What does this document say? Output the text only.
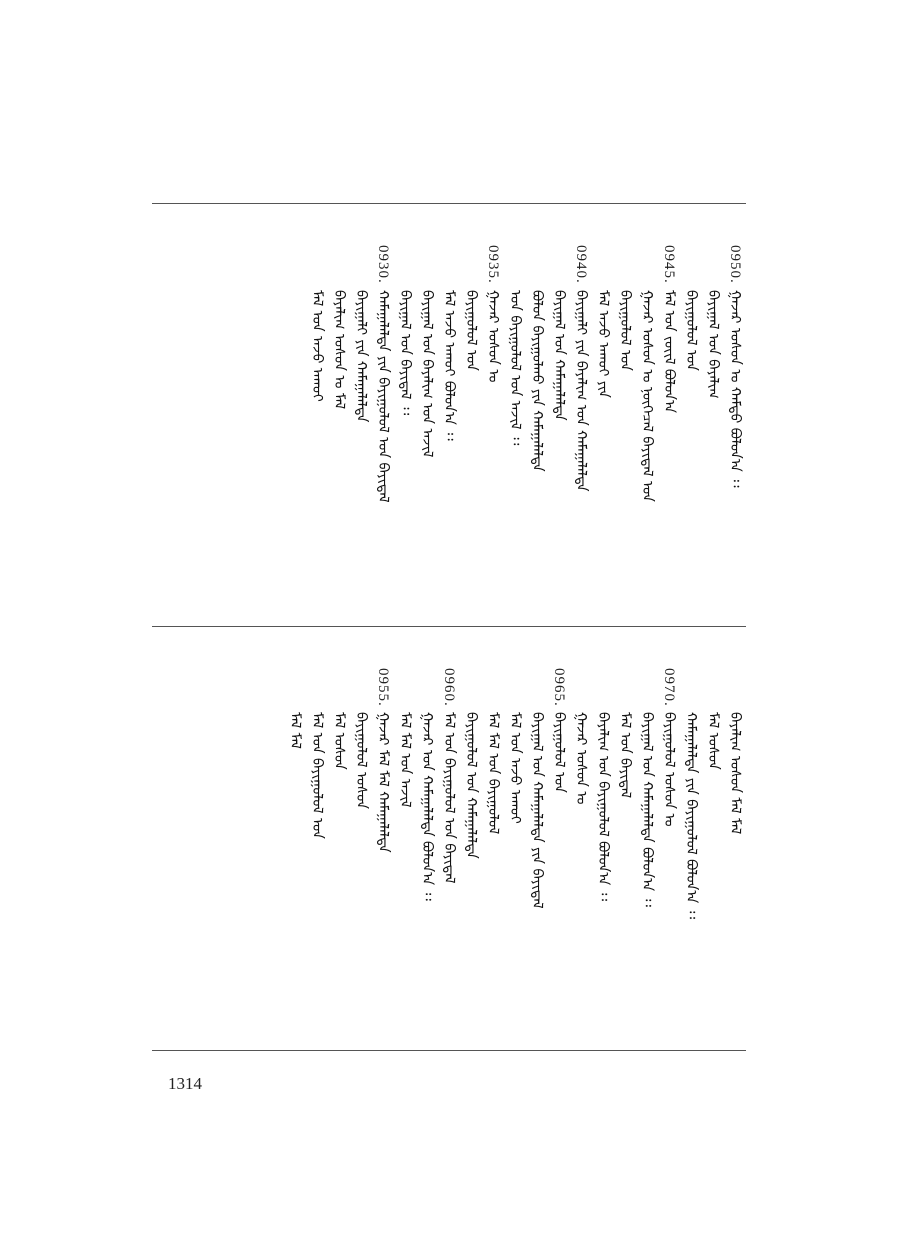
0950.
ᠭᠠᠵᠠᠷ ᠤᠰᠤᠨ ᠤ ᠬᠠᠮᠲᠤ ᠪᠣᠯᠤᠨ᠎ᠠ ᠄᠄
ᠪᠠᠶᠢᠭᠠᠯ ᠤᠨ ᠪᠠᠶᠠᠯᠢᠭ
ᠪᠠᠶᠢᠭᠤᠯᠤᠯ ᠤᠨ
0945.
ᠮᠠᠯ ᠤᠨ ᠵᠦᠢᠯ ᠪᠣᠯᠤᠨ᠎ᠠ
ᠭᠠᠵᠠᠷ ᠤᠰᠤᠨ ᠤ ᠨᠥᠬᠡᠴᠡᠯ ᠪᠠᠶᠢᠳᠠᠯ ᠤᠨ
ᠪᠠᠶᠢᠭᠤᠯᠤᠯ ᠤᠨ
ᠮᠠᠯ ᠠᠵᠤ ᠠᠬᠤᠢ ᠶᠢᠨ
0940.
ᠪᠠᠶᠢᠭᠠᠯᠢ ᠶᠢᠨ ᠪᠠᠶᠠᠯᠢᠭ ᠤᠨ ᠬᠠᠮᠠᠭᠠᠯᠠᠯᠲᠠ
ᠪᠠᠶᠢᠭᠠᠯ ᠤᠨ ᠬᠠᠮᠠᠭᠠᠯᠠᠯᠲᠠ
ᠪᠣᠯᠣᠨ ᠪᠠᠶᠢᠭᠤᠯᠬᠤ ᠶᠢᠨ ᠬᠠᠮᠠᠭᠠᠯᠠᠯᠲᠠ
ᠤᠨ ᠪᠠᠶᠢᠭᠤᠯᠤᠯ ᠤᠨ ᠠᠵᠢᠯ ᠄᠄
0935.
ᠭᠠᠵᠠᠷ ᠤᠰᠤᠨ ᠤ
ᠪᠠᠶᠢᠭᠤᠯᠤᠯ ᠤᠨ
ᠮᠠᠯ ᠠᠵᠤ ᠠᠬᠤᠢ ᠪᠣᠯᠤᠨ᠎ᠠ ᠄᠄
ᠪᠠᠶᠢᠭᠠᠯ ᠤᠨ ᠪᠠᠶᠠᠯᠢᠭ ᠤᠨ ᠠᠵᠢᠯ
ᠪᠠᠶᠢᠭᠠᠯ ᠤᠨ ᠪᠠᠶᠢᠳᠠᠯ ᠄᠄
0930.
ᠬᠠᠮᠠᠭᠠᠯᠠᠯᠲᠠ ᠶᠢᠨ ᠪᠠᠶᠢᠭᠤᠯᠤᠯ ᠤᠨ ᠪᠠᠶᠢᠳᠠᠯ
ᠪᠠᠶᠢᠭᠠᠯᠢ ᠶᠢᠨ ᠬᠠᠮᠠᠭᠠᠯᠠᠯᠲᠠ
ᠪᠠᠶᠠᠯᠢᠭ ᠤᠰᠤᠨ ᠤ ᠮᠠᠯ
ᠮᠠᠯ ᠤᠨ ᠠᠵᠤ ᠠᠬᠤᠢ
ᠪᠠᠶᠠᠯᠢᠭ ᠤᠰᠤᠨ ᠮᠠᠯ ᠮᠠᠯ
ᠮᠠᠯ ᠤᠰᠤᠨ
ᠬᠠᠮᠠᠭᠠᠯᠠᠯᠲᠠ ᠶᠢᠨ ᠪᠠᠶᠢᠭᠤᠯᠤᠯ ᠪᠣᠯᠤᠨ᠎ᠠ ᠄᠄
0970.
ᠪᠠᠶᠢᠭᠤᠯᠤᠯ ᠤᠰᠤᠨ ᠤ
ᠪᠠᠶᠢᠭᠠᠯ ᠤᠨ ᠬᠠᠮᠠᠭᠠᠯᠠᠯᠲᠠ ᠪᠣᠯᠤᠨ᠎ᠠ ᠄᠄
ᠮᠠᠯ ᠤᠨ ᠪᠠᠶᠢᠳᠠᠯ
ᠪᠠᠶᠠᠯᠢᠭ ᠤᠨ ᠪᠠᠶᠢᠭᠤᠯᠤᠯ ᠪᠣᠯᠤᠨ᠎ᠠ ᠄᠄
ᠭᠠᠵᠠᠷ ᠤᠰᠤᠨ ᠤ
0965.
ᠪᠠᠶᠢᠭᠤᠯᠤᠯ ᠤᠨ
ᠪᠠᠶᠢᠭᠠᠯ ᠤᠨ ᠬᠠᠮᠠᠭᠠᠯᠠᠯᠲᠠ ᠶᠢᠨ ᠪᠠᠶᠢᠳᠠᠯ
ᠮᠠᠯ ᠤᠨ ᠠᠵᠤ ᠠᠬᠤᠢ
ᠮᠠᠯ ᠮᠠᠯ ᠤᠨ ᠪᠠᠶᠢᠭᠤᠯᠤᠯ
ᠪᠠᠶᠢᠭᠤᠯᠤᠯ ᠤᠨ ᠬᠠᠮᠠᠭᠠᠯᠠᠯᠲᠠ
0960.
ᠮᠠᠯ ᠤᠨ ᠪᠠᠶᠢᠭᠤᠯᠤᠯ ᠤᠨ ᠪᠠᠶᠢᠳᠠᠯ
ᠭᠠᠵᠠᠷ ᠤᠨ ᠬᠠᠮᠠᠭᠠᠯᠠᠯᠲᠠ ᠪᠣᠯᠤᠨ᠎ᠠ ᠄᠄
ᠮᠠᠯ ᠮᠠᠯ ᠤᠨ ᠠᠵᠢᠯ
0955.
ᠭᠠᠵᠠᠷ ᠮᠠᠯ ᠮᠠᠯ ᠬᠠᠮᠠᠭᠠᠯᠠᠯᠲᠠ
ᠪᠠᠶᠢᠭᠤᠯᠤᠯ ᠤᠰᠤᠨ
ᠮᠠᠯ ᠤᠰᠤᠨ
ᠮᠠᠯ ᠤᠨ ᠪᠠᠶᠢᠭᠤᠯᠤᠯ ᠤᠨ
ᠮᠠᠯ ᠮᠠᠯ
1314
